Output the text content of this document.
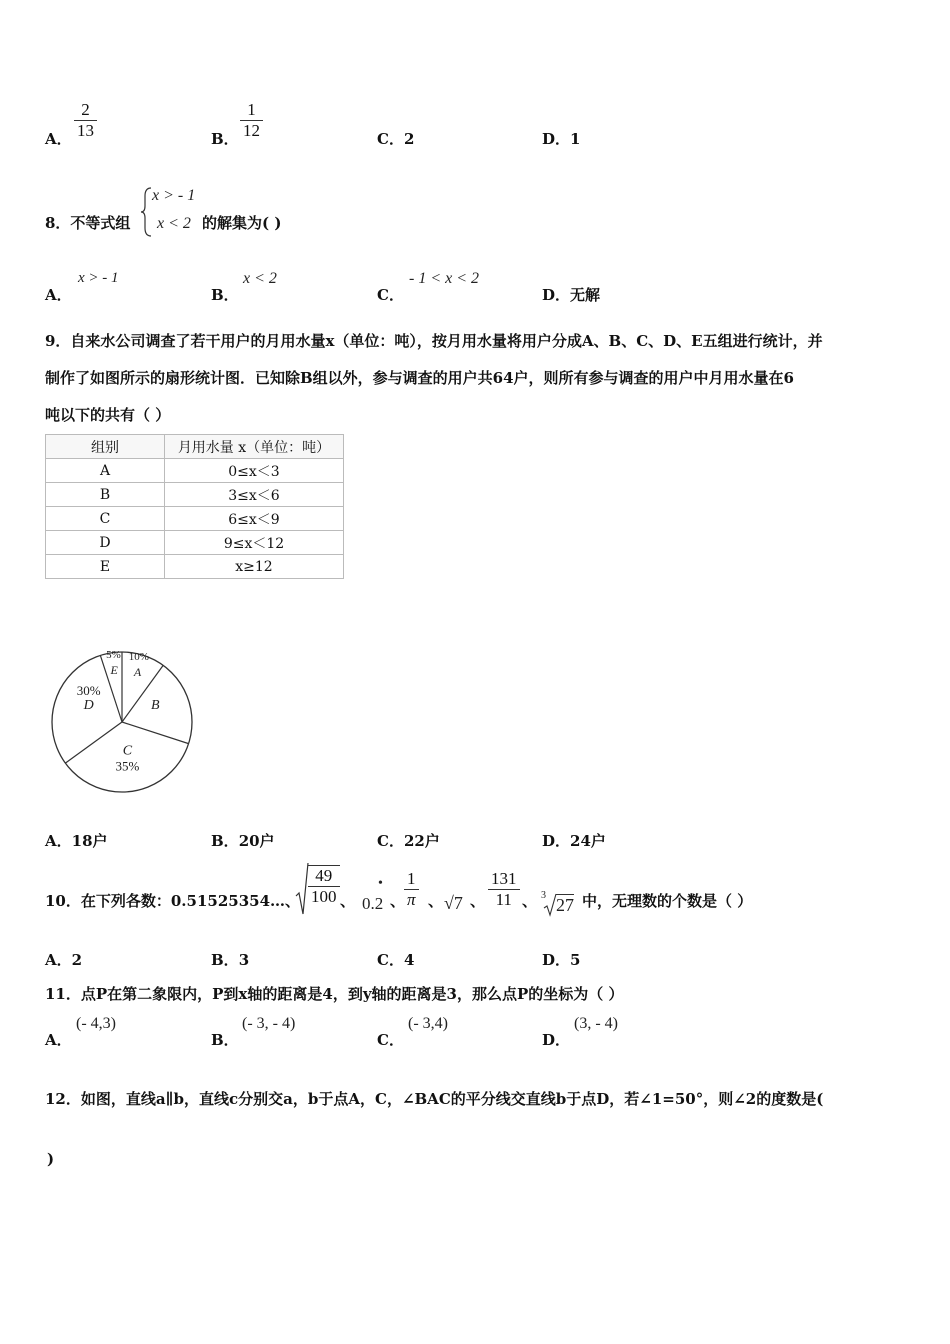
A． $\frac{2}{13}$	B． $\frac{1}{12}$	C．2	D．1
8．不等式组
x > - 1
x < 2 的解集为( )
A．
x > - 1
B．
x < 2
C．
- 1 < x < 2
D．无解
9．自来水公司调查了若干用户的月用水量x（单位：吨），按月用水量将用户分成A、B、C、D、E五组进行统计，并
制作了如图所示的扇形统计图．已知除B组以外，参与调查的用户共64户，则所有参与调查的用户中月用水量在6
吨以下的共有（ ）
组别	月用水量 x（单位：吨）
A	0≤x＜3
B	3≤x＜6
C	6≤x＜9
D	9≤x＜12
E	x≥12
A
10%
B
C
35%
D
30%
E
5%
A．18户	B．20户	C．22户	D．24户
10．在下列各数：0.51525354…、 $\frac{49}{100}$ 、
•
0.2 、
$\frac{1}{\pi}$ 、 √7 、 $\frac{131}{11}$ 、 3 27 中，无理数的个数是（ ）
A．2	B．3	C．4	D．5
11．点P在第二象限内，P到x轴的距离是4，到y轴的距离是3，那么点P的坐标为（ ）
A．
(- 4,3)
B．
(- 3, - 4)
C．
(- 3,4)
D．
(3, - 4)
12．如图，直线a∥b，直线c分别交a，b于点A，C，∠BAC的平分线交直线b于点D，若∠1=50°，则∠2的度数是(
)
